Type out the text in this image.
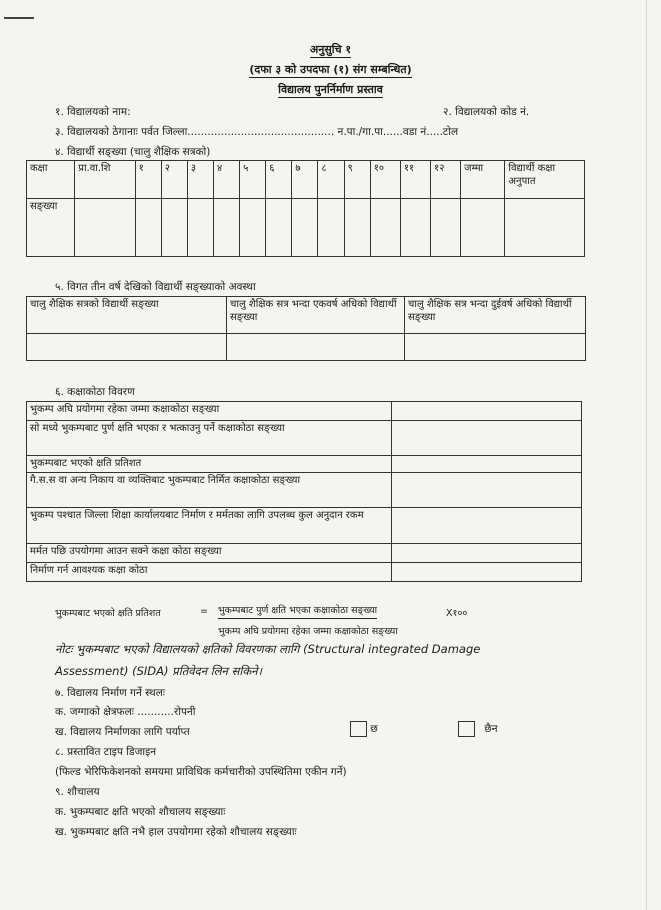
अनुसुचि १
(दफा ३ को उपदफा (१) संग सम्बन्धित)
विद्यालय पुनर्निर्माण प्रस्ताव
१. विद्यालयको नाम:	२. विद्यालयको कोड नं.
३. विद्यालयको ठेगानाः पर्वत जिल्ला............................................ न.पा./गा.पा......वडा नं.....टोल
४. विद्यार्थी सङ्ख्या (चालु शैक्षिक सत्रको)
कक्षा	प्रा.वा.शि	१	२	३	४	५	६	७	८	९	१०	११	१२	जम्मा	विद्यार्थी कक्षा अनुपात
सङ्ख्या															
५. विगत तीन वर्ष देखिको विद्यार्थी सङ्ख्याको अवस्था
चालु शैक्षिक सत्रको विद्यार्थी सङ्ख्या	चालु शैक्षिक सत्र भन्दा एकवर्ष अधिको विद्यार्थी सङ्ख्या	चालु शैक्षिक सत्र भन्दा दुईवर्ष अधिको विद्यार्थी सङ्ख्या

६. कक्षाकोठा विवरण
भुकम्प अघि प्रयोगमा रहेका जम्मा कक्षाकोठा सङ्ख्या	
सो मध्ये भुकम्पबाट पुर्ण क्षति भएका र भत्काउनु पर्ने कक्षाकोठा सङ्ख्या	
भुकम्पबाट भएको क्षति प्रतिशत	
गै.स.स वा अन्य निकाय वा व्यक्तिबाट भुकम्पबाट निर्मित कक्षाकोठा सङ्ख्या	
भुकम्प पश्चात जिल्ला शिक्षा कार्यालयबाट निर्माण र मर्मतका लागि उपलब्ध कुल अनुदान रकम	
मर्मत पछि उपयोगमा आउन सक्ने कक्षा कोठा सङ्ख्या	
निर्माण गर्न आवश्यक कक्षा कोठा	
भुकम्पबाट भएको क्षति प्रतिशत	= भुकम्पबाट पुर्ण क्षति भएका कक्षाकोठा सङ्ख्या
भुकम्प अघि प्रयोगमा रहेका जम्मा कक्षाकोठा सङ्ख्या
X१००
नोटः भुकम्पबाट भएको विद्यालयको क्षतिको विवरणका लागि (Structural integrated Damage
Assessment) (SIDA) प्रतिवेदन लिन सकिने।
७. विद्यालय निर्माण गर्ने स्थलः
क. जग्गाको क्षेत्रफलः ...........रोपनी
ख. विद्यालय निर्माणका लागि पर्याप्त	छ	छैन
८. प्रस्तावित टाइप डिजाइन
(फिल्ड भेरिफिकेशनको समयमा प्राविधिक कर्मचारीको उपस्थितिमा एकीन गर्ने)
९. शौचालय
क. भुकम्पबाट क्षति भएको शौचालय सङ्ख्याः
ख. भुकम्पबाट क्षति नभै हाल उपयोगमा रहेको शौचालय सङ्ख्याः
